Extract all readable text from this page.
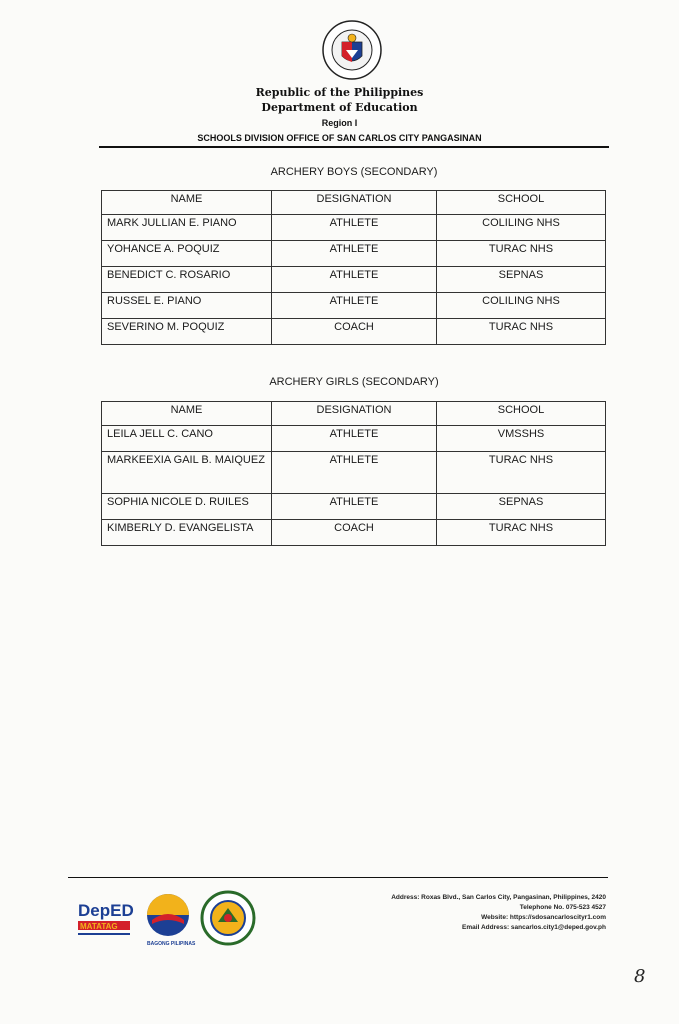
Republic of the Philippines
Department of Education
Region I
SCHOOLS DIVISION OFFICE OF SAN CARLOS CITY PANGASINAN
ARCHERY BOYS (SECONDARY)
NAME	DESIGNATION	SCHOOL
MARK JULLIAN E. PIANO	ATHLETE	COLILING NHS
YOHANCE A. POQUIZ	ATHLETE	TURAC NHS
BENEDICT C. ROSARIO	ATHLETE	SEPNAS
RUSSEL E. PIANO	ATHLETE	COLILING NHS
SEVERINO M. POQUIZ	COACH	TURAC NHS
ARCHERY GIRLS (SECONDARY)
NAME	DESIGNATION	SCHOOL
LEILA JELL C. CANO	ATHLETE	VMSSHS
MARKEEXIA GAIL B. MAIQUEZ	ATHLETE	TURAC NHS
SOPHIA NICOLE D. RUILES	ATHLETE	SEPNAS
KIMBERLY D. EVANGELISTA	COACH	TURAC NHS
DepED
MATATAG
BAGONG PILIPINAS
Address: Roxas Blvd., San Carlos City, Pangasinan, Philippines, 2420
Telephone No. 075-523 4527
Website: https://sdosancarloscityr1.com
Email Address: sancarlos.city1@deped.gov.ph
8
